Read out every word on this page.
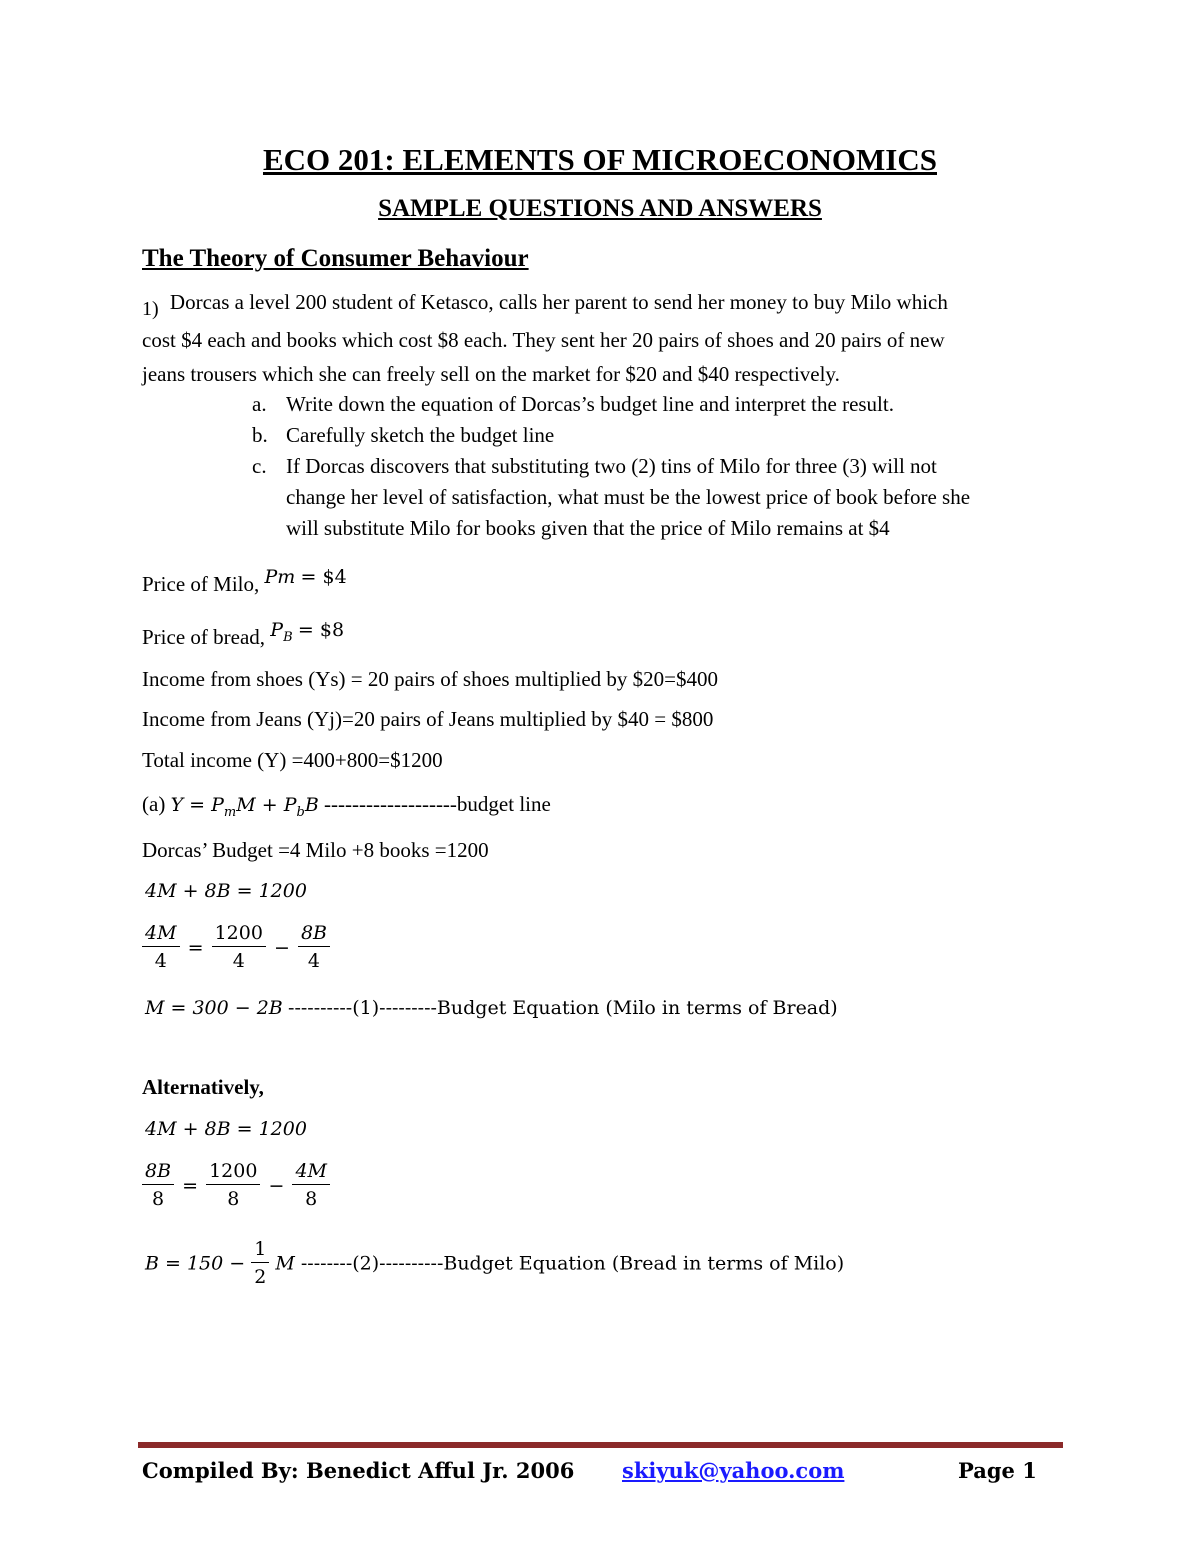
ECO 201: ELEMENTS OF MICROECONOMICS
SAMPLE QUESTIONS AND ANSWERS
The Theory of Consumer Behaviour
1) Dorcas a level 200 student of Ketasco, calls her parent to send her money to buy Milo which
cost $4 each and books which cost $8 each. They sent her 20 pairs of shoes and 20 pairs of new
jeans trousers which she can freely sell on the market for $20 and $40 respectively.
a. Write down the equation of Dorcas’s budget line and interpret the result.
b. Carefully sketch the budget line
c. If Dorcas discovers that substituting two (2) tins of Milo for three (3) will not
change her level of satisfaction, what must be the lowest price of book before she
will substitute Milo for books given that the price of Milo remains at $4
Price of Milo, Pm = $4
Price of bread, $P_B$ = $8
Income from shoes (Ys) = 20 pairs of shoes multiplied by $20=$400
Income from Jeans (Yj)=20 pairs of Jeans multiplied by $40 = $800
Total income (Y) =400+800=$1200
(a) $Y = P_mM + P_bB$ -------------------budget line
Dorcas’ Budget =4 Milo +8 books =1200
4M + 8B = 1200
$\frac{4M}{4} = \frac{1200}{4} - \frac{8B}{4}$
M = 300 − 2B ----------(1)---------Budget Equation (Milo in terms of Bread)
Alternatively,
4M + 8B = 1200
$\frac{8B}{8} = \frac{1200}{8} - \frac{4M}{8}$
$B = 150 - \frac{1}{2}$ M --------(2)----------Budget Equation (Bread in terms of Milo)
Compiled By: Benedict Afful Jr. 2006 skiyuk@yahoo.com	Page 1
